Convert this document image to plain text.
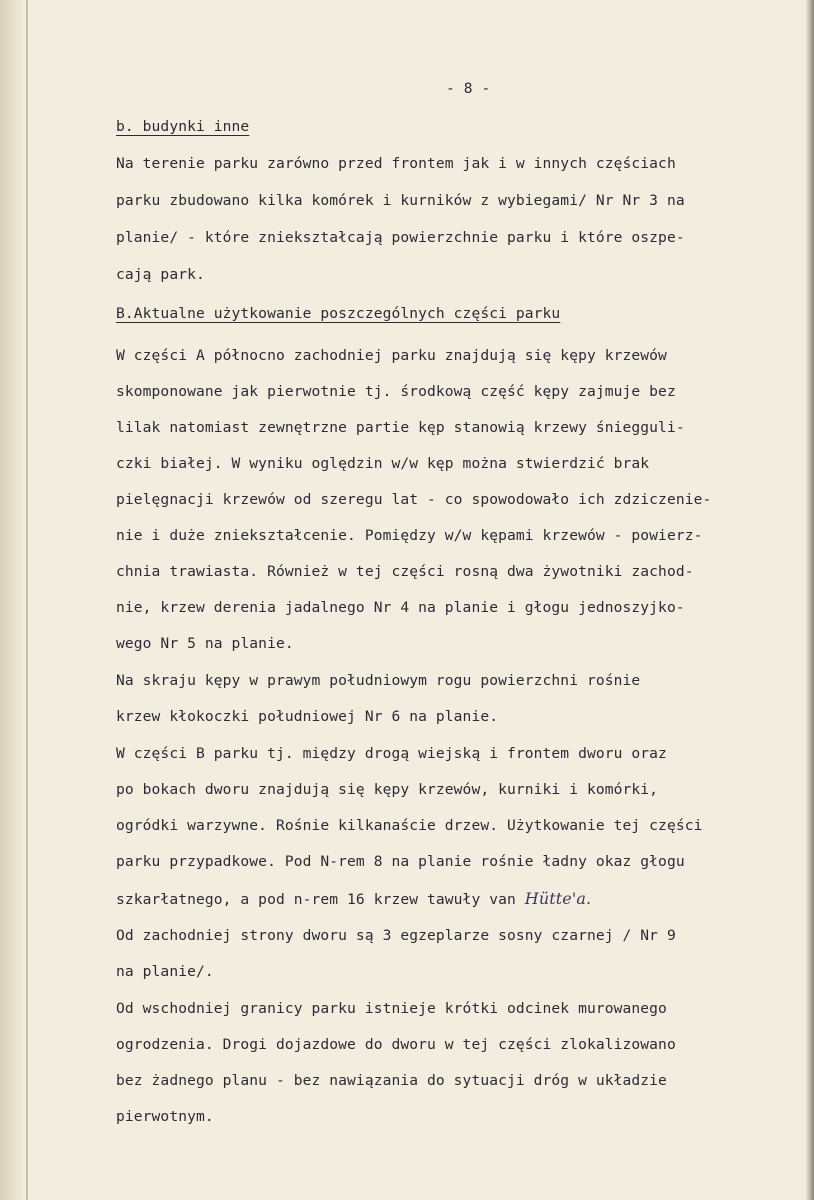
- 8 -
b. budynki inne
Na terenie parku zarówno przed frontem jak i w innych częściach
parku zbudowano kilka komórek i kurników z wybiegami/ Nr Nr 3 na
planie/ - które zniekształcają powierzchnie parku i które oszpe-
cają park.
B.Aktualne użytkowanie poszczególnych części parku
W części A północno zachodniej parku znajdują się kępy krzewów
skomponowane jak pierwotnie tj. środkową część kępy zajmuje bez
lilak natomiast zewnętrzne partie kęp stanowią krzewy śniegguli-
czki białej. W wyniku oględzin w/w kęp można stwierdzić brak
pielęgnacji krzewów od szeregu lat - co spowodowało ich zdziczenie-
nie i duże zniekształcenie. Pomiędzy w/w kępami krzewów - powierz-
chnia trawiasta. Również w tej części rosną dwa żywotniki zachod-
nie, krzew derenia jadalnego Nr 4 na planie i głogu jednoszyjko-
wego Nr 5 na planie.
Na skraju kępy w prawym południowym rogu powierzchni rośnie
krzew kłokoczki południowej Nr 6 na planie.
W części B parku tj. między drogą wiejską i frontem dworu oraz
po bokach dworu znajdują się kępy krzewów, kurniki i komórki,
ogródki warzywne. Rośnie kilkanaście drzew. Użytkowanie tej części
parku przypadkowe. Pod N-rem 8 na planie rośnie ładny okaz głogu
szkarłatnego, a pod n-rem 16 krzew tawuły van Hütte'a.
Od zachodniej strony dworu są 3 egzeplarze sosny czarnej / Nr 9
na planie/.
Od wschodniej granicy parku istnieje krótki odcinek murowanego
ogrodzenia. Drogi dojazdowe do dworu w tej części zlokalizowano
bez żadnego planu - bez nawiązania do sytuacji dróg w układzie
pierwotnym.
